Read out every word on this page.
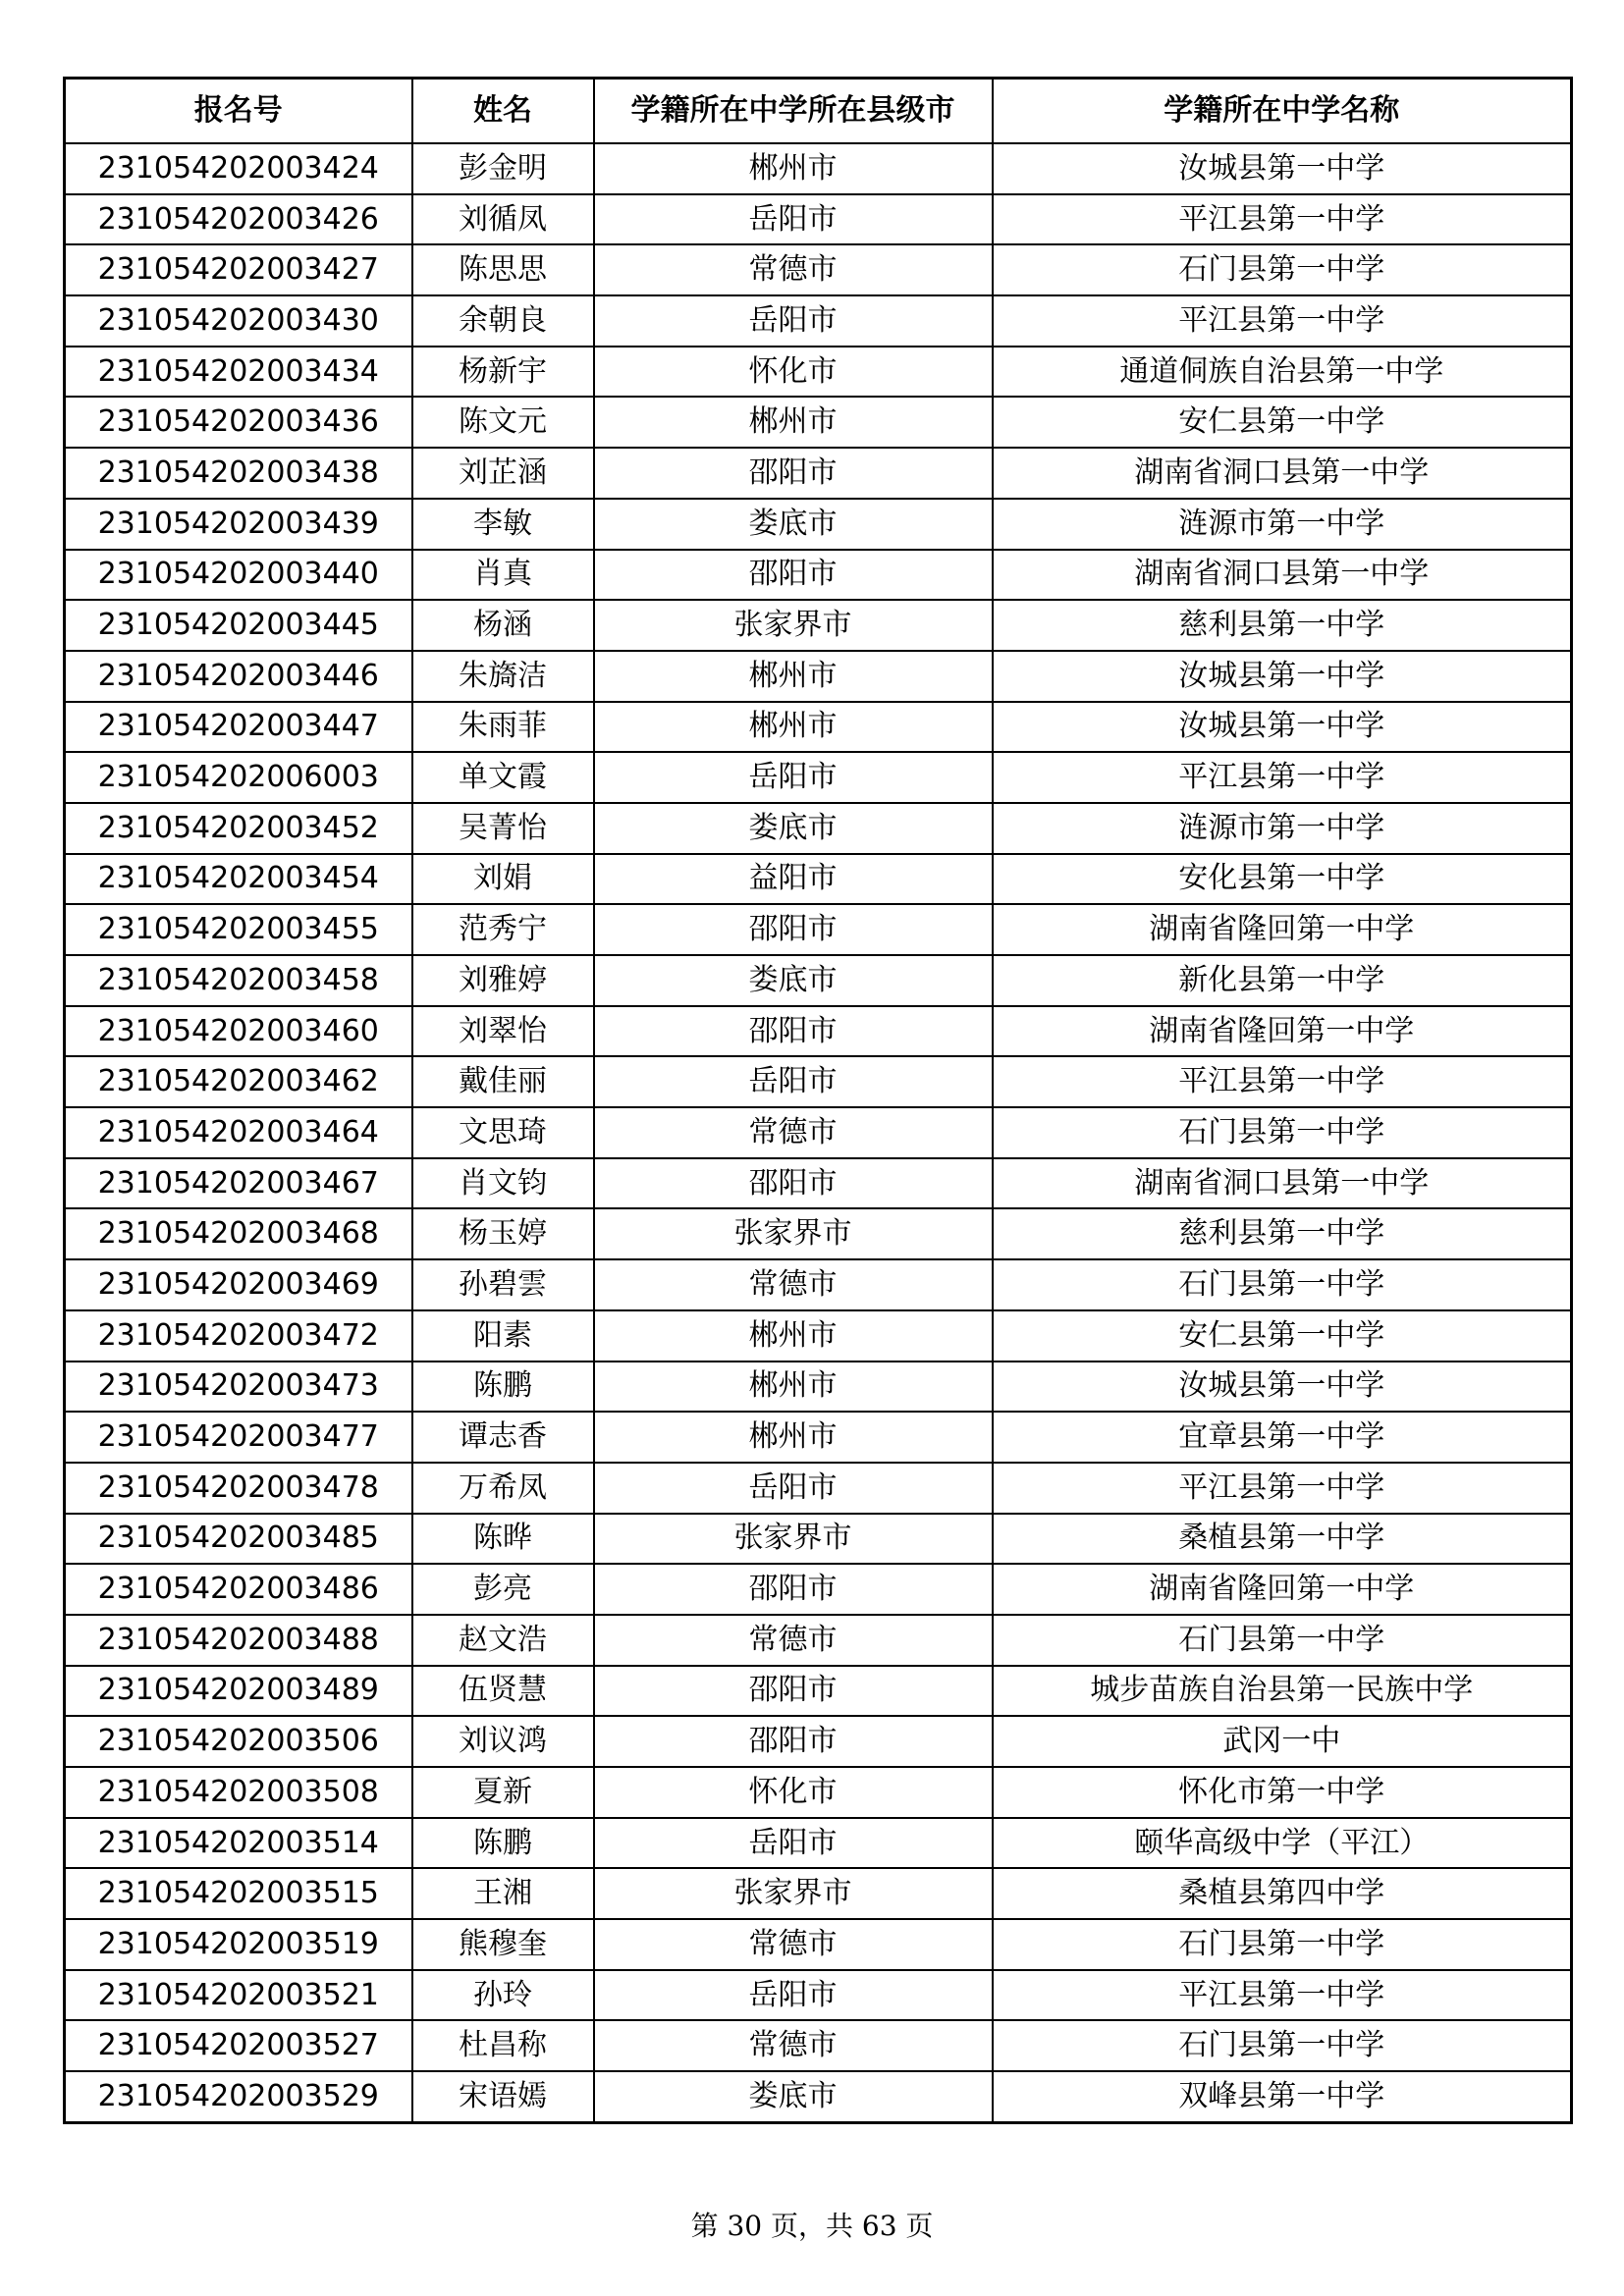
报名号	姓名	学籍所在中学所在县级市	学籍所在中学名称
231054202003424	彭金明	郴州市	汝城县第一中学
231054202003426	刘循凤	岳阳市	平江县第一中学
231054202003427	陈思思	常德市	石门县第一中学
231054202003430	余朝良	岳阳市	平江县第一中学
231054202003434	杨新宇	怀化市	通道侗族自治县第一中学
231054202003436	陈文元	郴州市	安仁县第一中学
231054202003438	刘芷涵	邵阳市	湖南省洞口县第一中学
231054202003439	李敏	娄底市	涟源市第一中学
231054202003440	肖真	邵阳市	湖南省洞口县第一中学
231054202003445	杨涵	张家界市	慈利县第一中学
231054202003446	朱旖洁	郴州市	汝城县第一中学
231054202003447	朱雨菲	郴州市	汝城县第一中学
231054202006003	单文霞	岳阳市	平江县第一中学
231054202003452	吴菁怡	娄底市	涟源市第一中学
231054202003454	刘娟	益阳市	安化县第一中学
231054202003455	范秀宁	邵阳市	湖南省隆回第一中学
231054202003458	刘雅婷	娄底市	新化县第一中学
231054202003460	刘翠怡	邵阳市	湖南省隆回第一中学
231054202003462	戴佳丽	岳阳市	平江县第一中学
231054202003464	文思琦	常德市	石门县第一中学
231054202003467	肖文钧	邵阳市	湖南省洞口县第一中学
231054202003468	杨玉婷	张家界市	慈利县第一中学
231054202003469	孙碧雲	常德市	石门县第一中学
231054202003472	阳素	郴州市	安仁县第一中学
231054202003473	陈鹏	郴州市	汝城县第一中学
231054202003477	谭志香	郴州市	宜章县第一中学
231054202003478	万希凤	岳阳市	平江县第一中学
231054202003485	陈晔	张家界市	桑植县第一中学
231054202003486	彭亮	邵阳市	湖南省隆回第一中学
231054202003488	赵文浩	常德市	石门县第一中学
231054202003489	伍贤慧	邵阳市	城步苗族自治县第一民族中学
231054202003506	刘议鸿	邵阳市	武冈一中
231054202003508	夏新	怀化市	怀化市第一中学
231054202003514	陈鹏	岳阳市	颐华高级中学（平江）
231054202003515	王湘	张家界市	桑植县第四中学
231054202003519	熊穆奎	常德市	石门县第一中学
231054202003521	孙玲	岳阳市	平江县第一中学
231054202003527	杜昌称	常德市	石门县第一中学
231054202003529	宋语嫣	娄底市	双峰县第一中学
第 30 页，共 63 页
